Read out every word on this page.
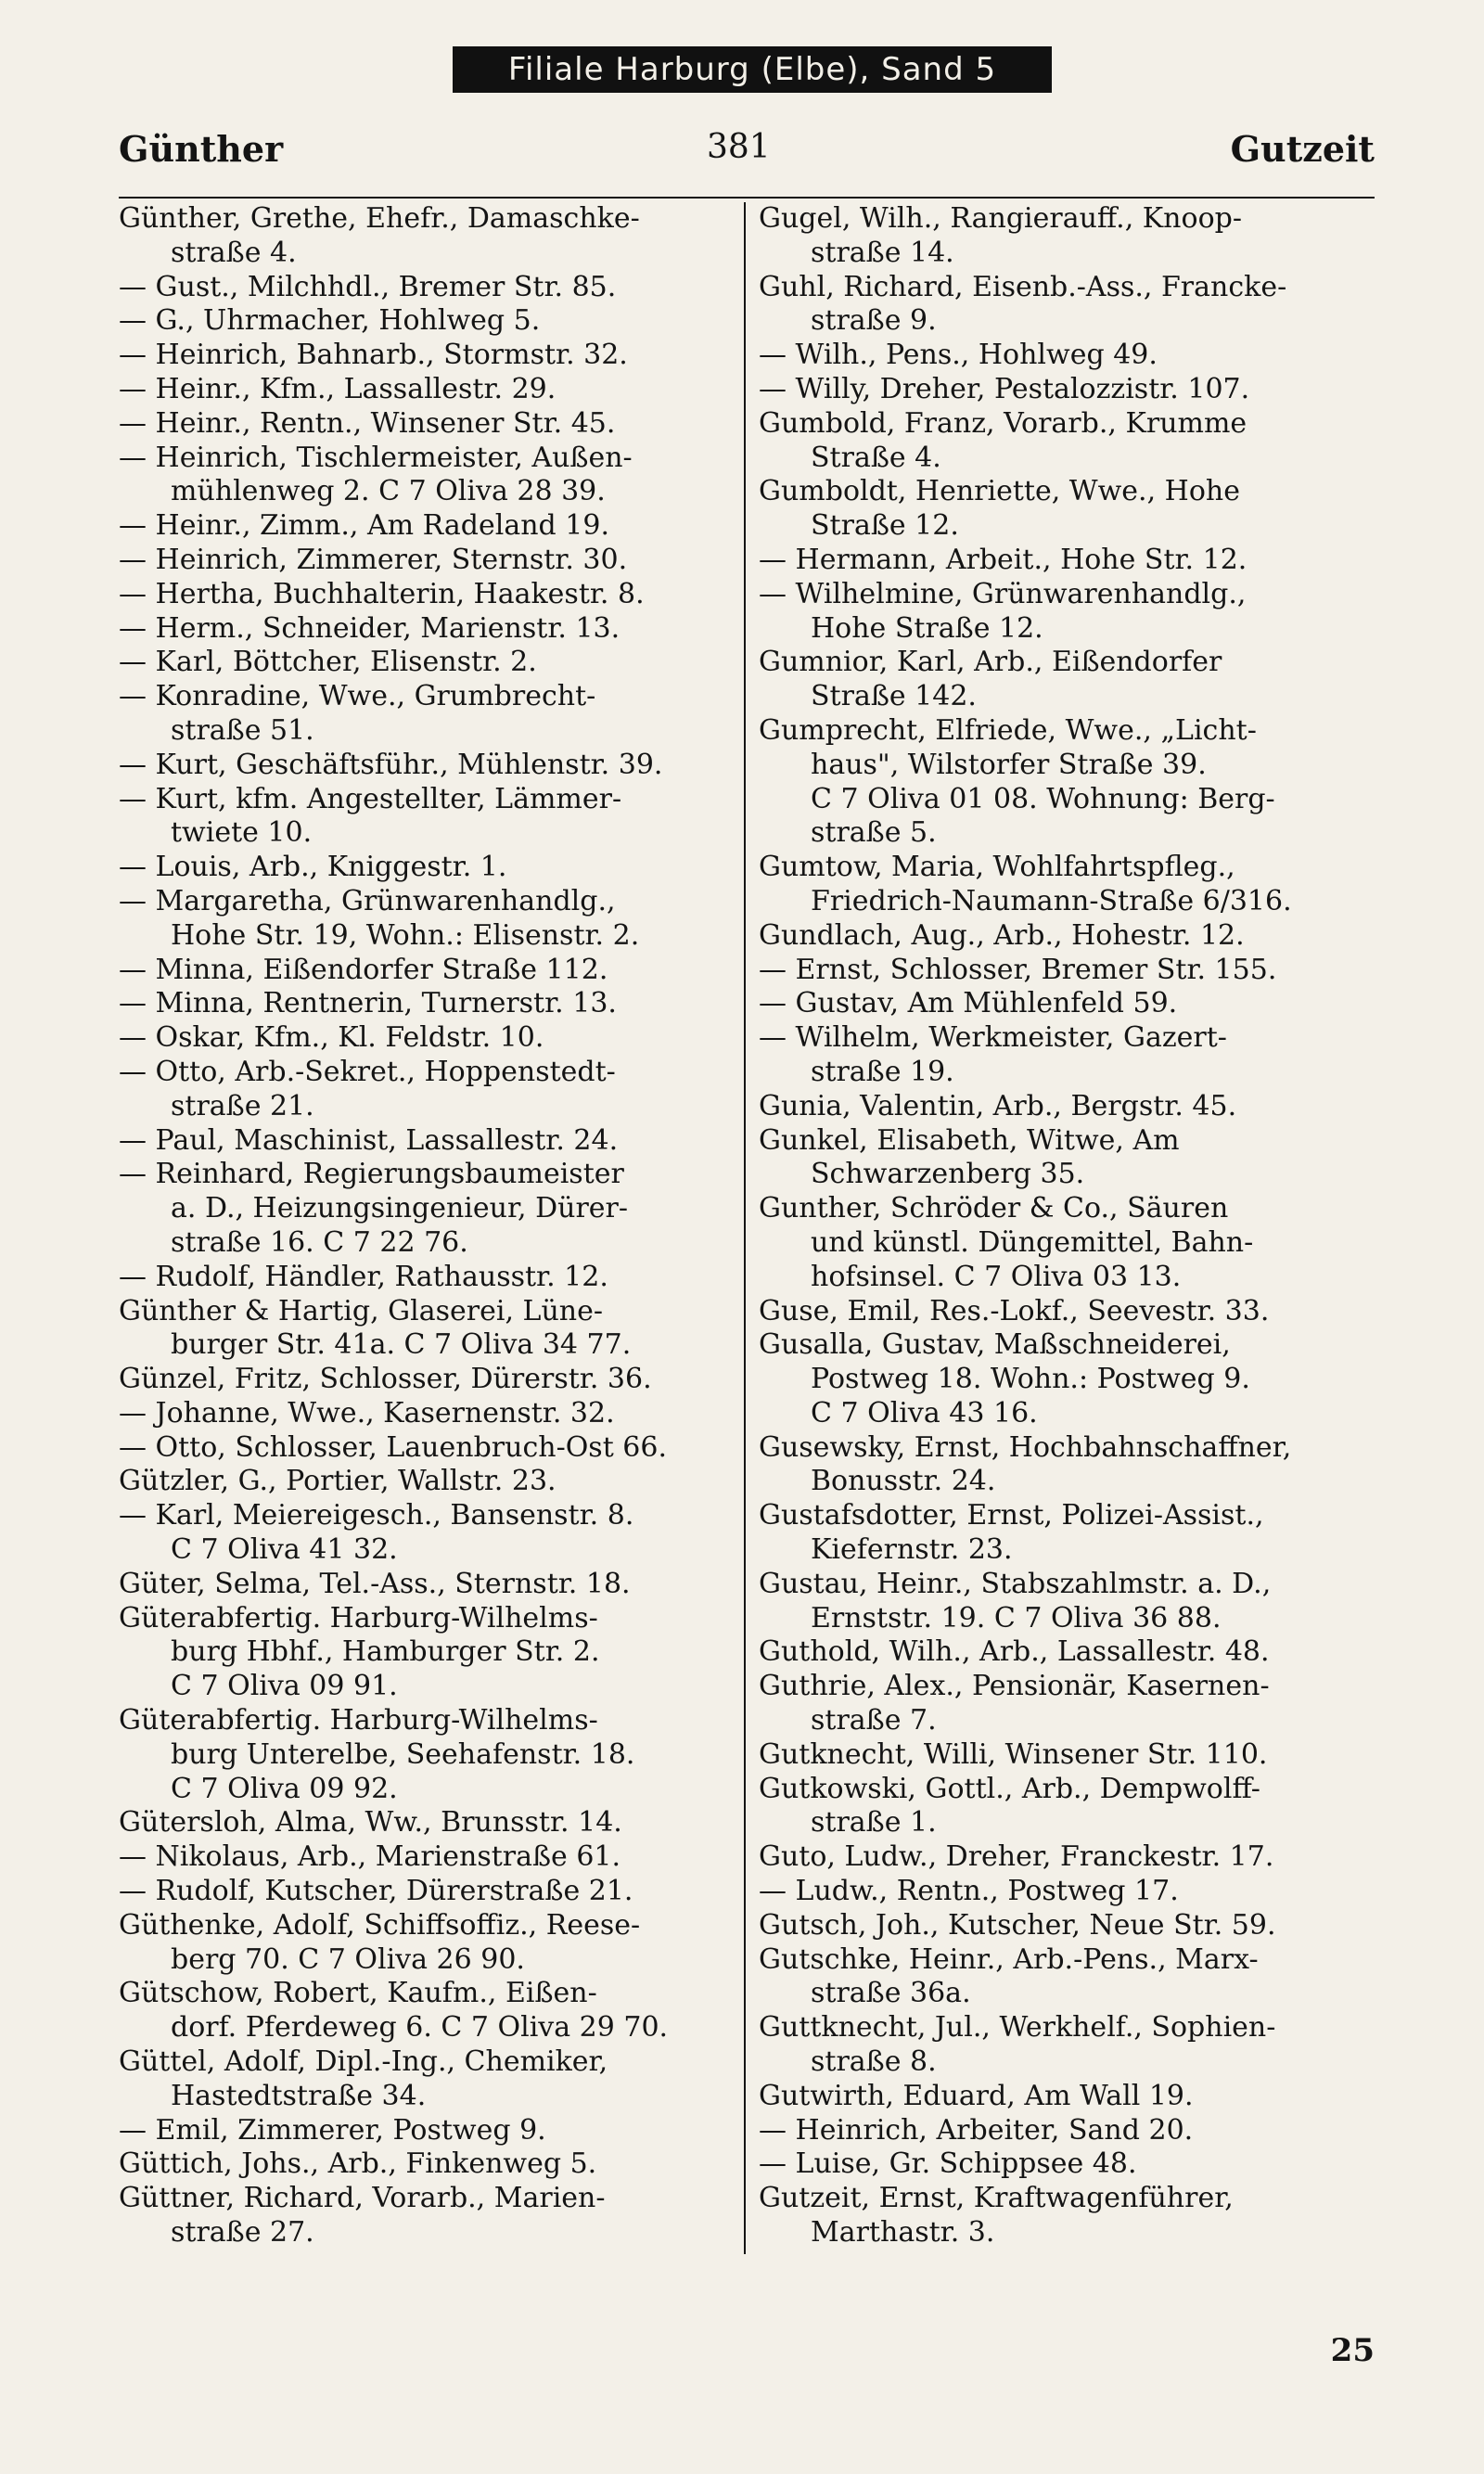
Filiale Harburg (Elbe), Sand 5
Günther	381	Gutzeit
Günther, Grethe, Ehefr., Damaschke-
straße 4.
— Gust., Milchhdl., Bremer Str. 85.
— G., Uhrmacher, Hohlweg 5.
— Heinrich, Bahnarb., Stormstr. 32.
— Heinr., Kfm., Lassallestr. 29.
— Heinr., Rentn., Winsener Str. 45.
— Heinrich, Tischlermeister, Außen-
mühlenweg 2. C 7 Oliva 28 39.
— Heinr., Zimm., Am Radeland 19.
— Heinrich, Zimmerer, Sternstr. 30.
— Hertha, Buchhalterin, Haakestr. 8.
— Herm., Schneider, Marienstr. 13.
— Karl, Böttcher, Elisenstr. 2.
— Konradine, Wwe., Grumbrecht-
straße 51.
— Kurt, Geschäftsführ., Mühlenstr. 39.
— Kurt, kfm. Angestellter, Lämmer-
twiete 10.
— Louis, Arb., Kniggestr. 1.
— Margaretha, Grünwarenhandlg.,
Hohe Str. 19, Wohn.: Elisenstr. 2.
— Minna, Eißendorfer Straße 112.
— Minna, Rentnerin, Turnerstr. 13.
— Oskar, Kfm., Kl. Feldstr. 10.
— Otto, Arb.-Sekret., Hoppenstedt-
straße 21.
— Paul, Maschinist, Lassallestr. 24.
— Reinhard, Regierungsbaumeister
a. D., Heizungsingenieur, Dürer-
straße 16. C 7 22 76.
— Rudolf, Händler, Rathausstr. 12.
Günther & Hartig, Glaserei, Lüne-
burger Str. 41a. C 7 Oliva 34 77.
Günzel, Fritz, Schlosser, Dürerstr. 36.
— Johanne, Wwe., Kasernenstr. 32.
— Otto, Schlosser, Lauenbruch-Ost 66.
Gützler, G., Portier, Wallstr. 23.
— Karl, Meiereigesch., Bansenstr. 8.
C 7 Oliva 41 32.
Güter, Selma, Tel.-Ass., Sternstr. 18.
Güterabfertig. Harburg-Wilhelms-
burg Hbhf., Hamburger Str. 2.
C 7 Oliva 09 91.
Güterabfertig. Harburg-Wilhelms-
burg Unterelbe, Seehafenstr. 18.
C 7 Oliva 09 92.
Gütersloh, Alma, Ww., Brunsstr. 14.
— Nikolaus, Arb., Marienstraße 61.
— Rudolf, Kutscher, Dürerstraße 21.
Güthenke, Adolf, Schiffsoffiz., Reese-
berg 70. C 7 Oliva 26 90.
Gütschow, Robert, Kaufm., Eißen-
dorf. Pferdeweg 6. C 7 Oliva 29 70.
Güttel, Adolf, Dipl.-Ing., Chemiker,
Hastedtstraße 34.
— Emil, Zimmerer, Postweg 9.
Güttich, Johs., Arb., Finkenweg 5.
Güttner, Richard, Vorarb., Marien-
straße 27.
Gugel, Wilh., Rangierauff., Knoop-
straße 14.
Guhl, Richard, Eisenb.-Ass., Francke-
straße 9.
— Wilh., Pens., Hohlweg 49.
— Willy, Dreher, Pestalozzistr. 107.
Gumbold, Franz, Vorarb., Krumme
Straße 4.
Gumboldt, Henriette, Wwe., Hohe
Straße 12.
— Hermann, Arbeit., Hohe Str. 12.
— Wilhelmine, Grünwarenhandlg.,
Hohe Straße 12.
Gumnior, Karl, Arb., Eißendorfer
Straße 142.
Gumprecht, Elfriede, Wwe., „Licht-
haus", Wilstorfer Straße 39.
C 7 Oliva 01 08. Wohnung: Berg-
straße 5.
Gumtow, Maria, Wohlfahrtspfleg.,
Friedrich-Naumann-Straße 6/316.
Gundlach, Aug., Arb., Hohestr. 12.
— Ernst, Schlosser, Bremer Str. 155.
— Gustav, Am Mühlenfeld 59.
— Wilhelm, Werkmeister, Gazert-
straße 19.
Gunia, Valentin, Arb., Bergstr. 45.
Gunkel, Elisabeth, Witwe, Am
Schwarzenberg 35.
Gunther, Schröder & Co., Säuren
und künstl. Düngemittel, Bahn-
hofsinsel. C 7 Oliva 03 13.
Guse, Emil, Res.-Lokf., Seevestr. 33.
Gusalla, Gustav, Maßschneiderei,
Postweg 18. Wohn.: Postweg 9.
C 7 Oliva 43 16.
Gusewsky, Ernst, Hochbahnschaffner,
Bonusstr. 24.
Gustafsdotter, Ernst, Polizei-Assist.,
Kiefernstr. 23.
Gustau, Heinr., Stabszahlmstr. a. D.,
Ernststr. 19. C 7 Oliva 36 88.
Guthold, Wilh., Arb., Lassallestr. 48.
Guthrie, Alex., Pensionär, Kasernen-
straße 7.
Gutknecht, Willi, Winsener Str. 110.
Gutkowski, Gottl., Arb., Dempwolff-
straße 1.
Guto, Ludw., Dreher, Franckestr. 17.
— Ludw., Rentn., Postweg 17.
Gutsch, Joh., Kutscher, Neue Str. 59.
Gutschke, Heinr., Arb.-Pens., Marx-
straße 36a.
Guttknecht, Jul., Werkhelf., Sophien-
straße 8.
Gutwirth, Eduard, Am Wall 19.
— Heinrich, Arbeiter, Sand 20.
— Luise, Gr. Schippsee 48.
Gutzeit, Ernst, Kraftwagenführer,
Marthastr. 3.
25
